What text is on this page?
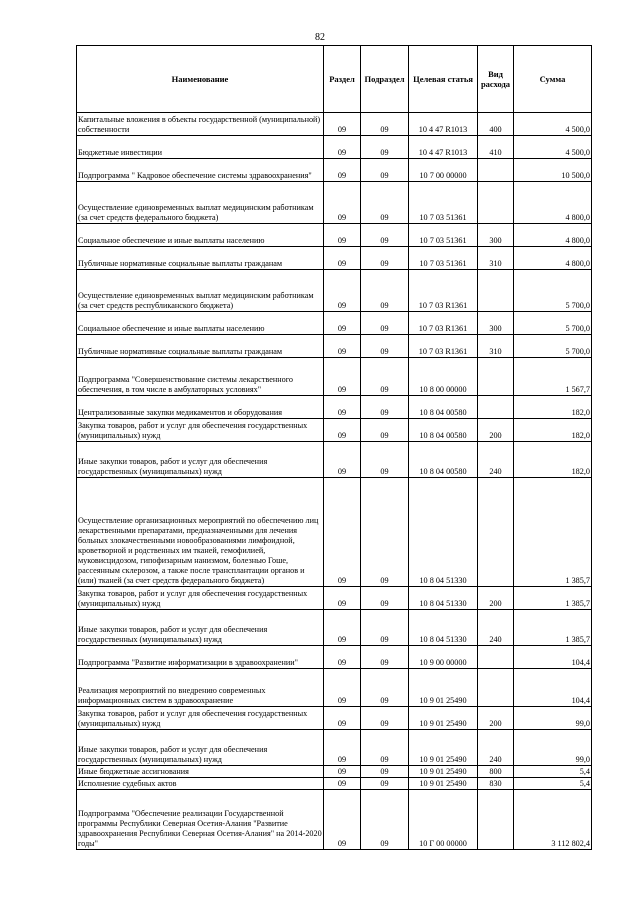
82
Наименование	Раздел	Подраздел	Целевая статья	Вид расхода	Сумма
Капитальные вложения в объекты государственной (муниципальной) собственности	09	09	10 4 47 R1013	400	4 500,0
Бюджетные инвестиции	09	09	10 4 47 R1013	410	4 500,0
Подпрограмма " Кадровое обеспечение системы здравоохранения"	09	09	10 7 00 00000		10 500,0
Осуществление единовременных выплат медицинским работникам (за счет средств федерального бюджета)	09	09	10 7 03 51361		4 800,0
Социальное обеспечение и иные выплаты населению	09	09	10 7 03 51361	300	4 800,0
Публичные нормативные социальные выплаты гражданам	09	09	10 7 03 51361	310	4 800,0
Осуществление единовременных выплат медицинским работникам (за счет средств республиканского бюджета)	09	09	10 7 03 R1361		5 700,0
Социальное обеспечение и иные выплаты населению	09	09	10 7 03 R1361	300	5 700,0
Публичные нормативные социальные выплаты гражданам	09	09	10 7 03 R1361	310	5 700,0
Подпрограмма "Совершенствование системы лекарственного обеспечения, в том числе в амбулаторных условиях"	09	09	10 8 00 00000		1 567,7
Централизованные закупки медикаментов и оборудования	09	09	10 8 04 00580		182,0
Закупка товаров, работ и услуг для обеспечения государственных (муниципальных) нужд	09	09	10 8 04 00580	200	182,0
Иные закупки товаров, работ и услуг для обеспечения государственных (муниципальных) нужд	09	09	10 8 04 00580	240	182,0
Осуществление организационных мероприятий по обеспечению лиц лекарственными препаратами, предназначенными для лечения больных злокачественными новообразованиями лимфоидной, кроветворной и родственных им тканей, гемофилией, муковисцидозом, гипофизарным нанизмом, болезнью Гоше, рассеянным склерозом, а также после трансплантации органов и (или) тканей (за счет средств федерального бюджета)	09	09	10 8 04 51330		1 385,7
Закупка товаров, работ и услуг для обеспечения государственных (муниципальных) нужд	09	09	10 8 04 51330	200	1 385,7
Иные закупки товаров, работ и услуг для обеспечения государственных (муниципальных) нужд	09	09	10 8 04 51330	240	1 385,7
Подпрограмма "Развитие информатизации в здравоохранении"	09	09	10 9 00 00000		104,4
Реализация мероприятий по внедрению современных информационных систем в здравоохранение	09	09	10 9 01 25490		104,4
Закупка товаров, работ и услуг для обеспечения государственных (муниципальных) нужд	09	09	10 9 01 25490	200	99,0
Иные закупки товаров, работ и услуг для обеспечения государственных (муниципальных) нужд	09	09	10 9 01 25490	240	99,0
Иные бюджетные ассигнования	09	09	10 9 01 25490	800	5,4
Исполнение судебных актов	09	09	10 9 01 25490	830	5,4
Подпрограмма "Обеспечение реализации Государственной программы Республики Северная Осетия-Алания "Развитие здравоохранения Республики Северная Осетия-Алания" на 2014-2020 годы"	09	09	10 Г 00 00000		3 112 802,4
